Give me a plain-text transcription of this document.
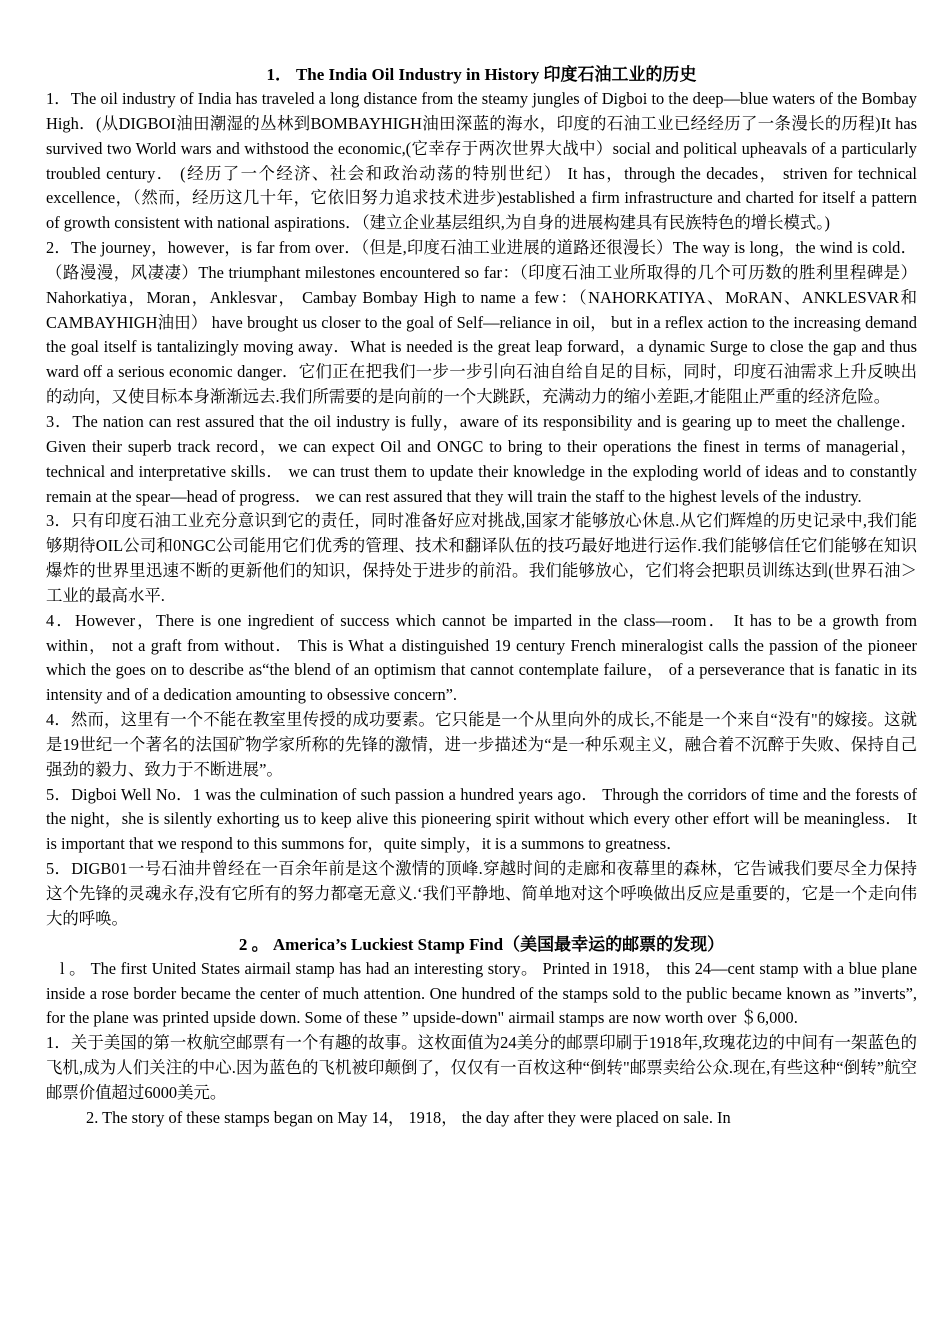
1． The India Oil Industry in History 印度石油工业的历史

1．The oil industry of India has traveled a long distance from the steamy jungles of Digboi to the deep—blue waters of the Bombay High．(从DIGBOI油田潮湿的丛林到BOMBAYHIGH油田深蓝的海水，印度的石油工业已经经历了一条漫长的历程)It has survived two World wars and withstood the economic,(它幸存于两次世界大战中）social and political upheavals of a particularly troubled century． (经历了一个经济、社会和政治动荡的特别世纪） It has，through the decades， striven for technical excellence，（然而，经历这几十年，它依旧努力追求技术进步)established a firm infrastructure and charted for itself a pattern of growth consistent with national aspirations．（建立企业基层组织,为自身的进展构建具有民族特色的增长模式。)

2．The journey，however，is far from over．（但是,印度石油工业进展的道路还很漫长）The way is long，the wind is cold．（路漫漫，风凄凄）The triumphant milestones encountered so far：（印度石油工业所取得的几个可历数的胜利里程碑是）Nahorkatiya，Moran，Anklesvar， Cambay Bombay High to name a few：（NAHORKATIYA、MoRAN、ANKLESVAR和CAMBAYHIGH油田） have brought us closer to the goal of Self—reliance in oil， but in a reflex action to the increasing demand the goal itself is tantalizingly moving away．What is needed is the great leap forward，a dynamic Surge to close the gap and thus ward off a serious economic danger．它们正在把我们一步一步引向石油自给自足的目标，同时，印度石油需求上升反映出的动向，又使目标本身渐渐远去.我们所需要的是向前的一个大跳跃，充满动力的缩小差距,才能阻止严重的经济危险。

3．The nation can rest assured that the oil industry is fully，aware of its responsibility and is gearing up to meet the challenge． Given their superb track record，we can expect Oil and ONGC to bring to their operations the finest in terms of managerial，technical and interpretative skills． we can trust them to update their knowledge in the exploding world of ideas and to constantly remain at the spear—head of progress． we can rest assured that they will train the staff to the highest levels of the industry.

3．只有印度石油工业充分意识到它的责任，同时准备好应对挑战,国家才能够放心休息.从它们辉煌的历史记录中,我们能够期待OIL公司和0NGC公司能用它们优秀的管理、技术和翻译队伍的技巧最好地进行运作.我们能够信任它们能够在知识爆炸的世界里迅速不断的更新他们的知识，保持处于进步的前沿。我们能够放心，它们将会把职员训练达到(世界石油＞工业的最高水平.

4．However，There is one ingredient of success which cannot be imparted in the class—room． It has to be a growth from within， not a graft from without． This is What a distinguished 19 century French mineralogist calls the passion of the pioneer which the goes on to describe as“the blend of an optimism that cannot contemplate failure， of a perseverance that is fanatic in its intensity and of a dedication amounting to obsessive concern”.

4．然而，这里有一个不能在教室里传授的成功要素。它只能是一个从里向外的成长,不能是一个来自“没有"的嫁接。这就是19世纪一个著名的法国矿物学家所称的先锋的激情，进一步描述为“是一种乐观主义，融合着不沉醉于失败、保持自己强劲的毅力、致力于不断进展”。

5．Digboi Well No．1 was the culmination of such passion a hundred years ago． Through the corridors of time and the forests of the night，she is silently exhorting us to keep alive this pioneering spirit without which every other effort will be meaningless． It is important that we respond to this summons for，quite simply，it is a summons to greatness．

5．DIGB01一号石油井曾经在一百余年前是这个激情的顶峰.穿越时间的走廊和夜幕里的森林，它告诫我们要尽全力保持这个先锋的灵魂永存,没有它所有的努力都毫无意义.‘我们平静地、简单地对这个呼唤做出反应是重要的，它是一个走向伟大的呼唤。

2 。 America’s Luckiest Stamp Find（美国最幸运的邮票的发现）

l 。 The first United States airmail stamp has had an interesting story。 Printed in 1918， this 24—cent stamp with a blue plane inside a rose border became the center of much attention. One hundred of the stamps sold to the public became known as ”inverts”, for the plane was printed upside down. Some of these ” upside-down" airmail stamps are now worth over ＄6,000.

1．关于美国的第一枚航空邮票有一个有趣的故事。这枚面值为24美分的邮票印刷于1918年,玫瑰花边的中间有一架蓝色的飞机,成为人们关注的中心.因为蓝色的飞机被印颠倒了，仅仅有一百枚这种“倒转"邮票卖给公众.现在,有些这种“倒转”航空邮票价值超过6000美元。

2. The story of these stamps began on May 14， 1918， the day after they were placed on sale. In
